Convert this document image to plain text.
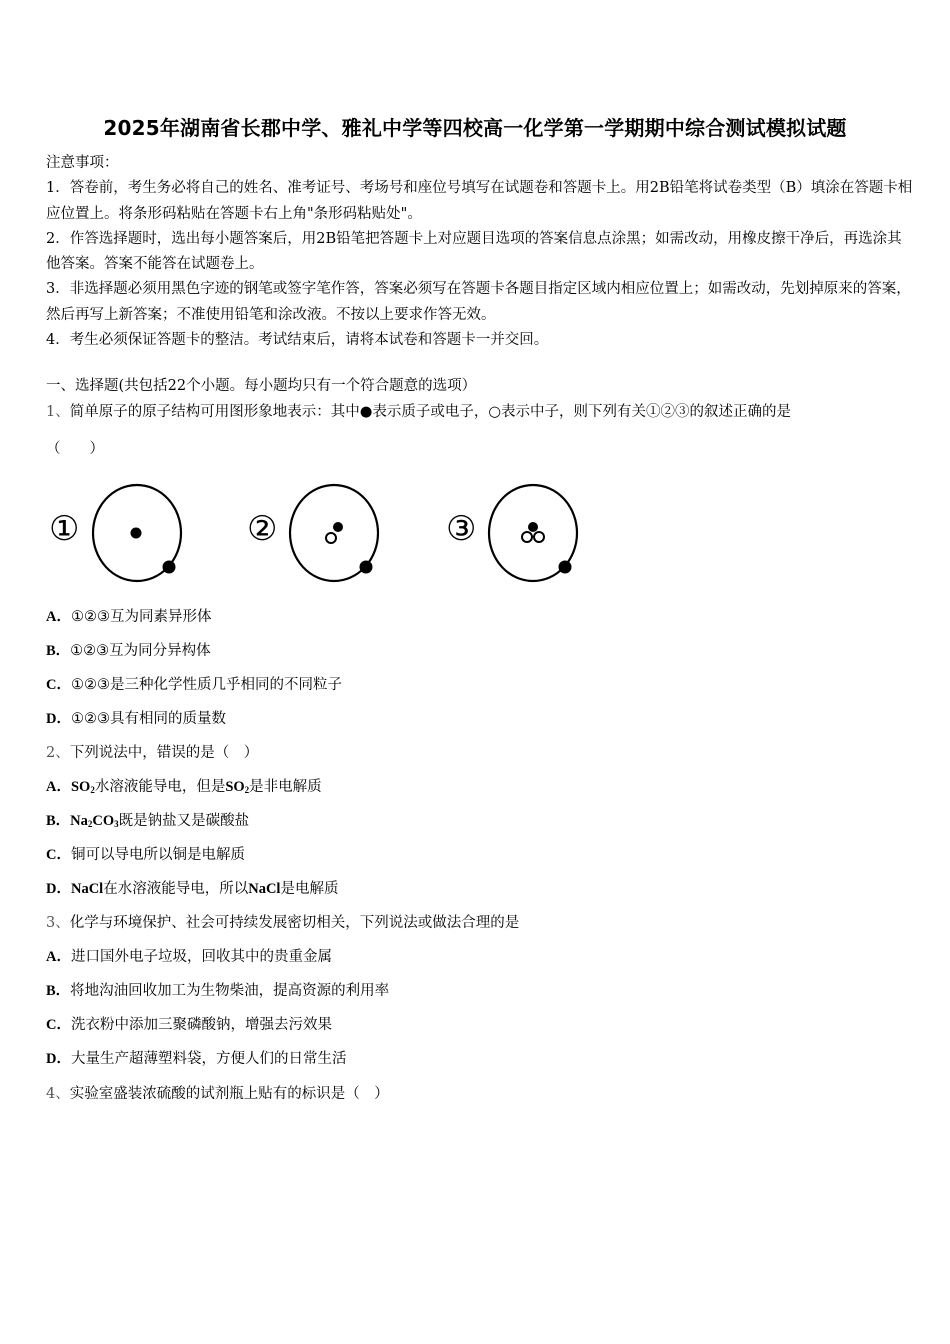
2025年湖南省长郡中学、雅礼中学等四校高一化学第一学期期中综合测试模拟试题

注意事项：

1．答卷前，考生务必将自己的姓名、准考证号、考场号和座位号填写在试题卷和答题卡上。用2B铅笔将试卷类型（B）填涂在答题卡相应位置上。将条形码粘贴在答题卡右上角"条形码粘贴处"。

2．作答选择题时，选出每小题答案后，用2B铅笔把答题卡上对应题目选项的答案信息点涂黑；如需改动，用橡皮擦干净后，再选涂其他答案。答案不能答在试题卷上。

3．非选择题必须用黑色字迹的钢笔或签字笔作答，答案必须写在答题卡各题目指定区域内相应位置上；如需改动，先划掉原来的答案，然后再写上新答案；不准使用铅笔和涂改液。不按以上要求作答无效。

4．考生必须保证答题卡的整洁。考试结束后，请将本试卷和答题卡一并交回。

一、选择题(共包括22个小题。每小题均只有一个符合题意的选项）
1、简单原子的原子结构可用图形象地表示：其中●表示质子或电子，○表示中子，则下列有关①②③的叙述正确的是
（　　）
①	②	③
A．①②③互为同素异形体
B．①②③互为同分异构体
C．①②③是三种化学性质几乎相同的不同粒子
D．①②③具有相同的质量数
2、下列说法中，错误的是（　）
A．$SO_2$水溶液能导电，但是$SO_2$是非电解质
B．$Na_2CO_3$既是钠盐又是碳酸盐
C．铜可以导电所以铜是电解质
D．NaCl在水溶液能导电，所以NaCl是电解质
3、化学与环境保护、社会可持续发展密切相关，下列说法或做法合理的是
A．进口国外电子垃圾，回收其中的贵重金属
B．将地沟油回收加工为生物柴油，提高资源的利用率
C．洗衣粉中添加三聚磷酸钠，增强去污效果
D．大量生产超薄塑料袋，方便人们的日常生活
4、实验室盛装浓硫酸的试剂瓶上贴有的标识是（　）
